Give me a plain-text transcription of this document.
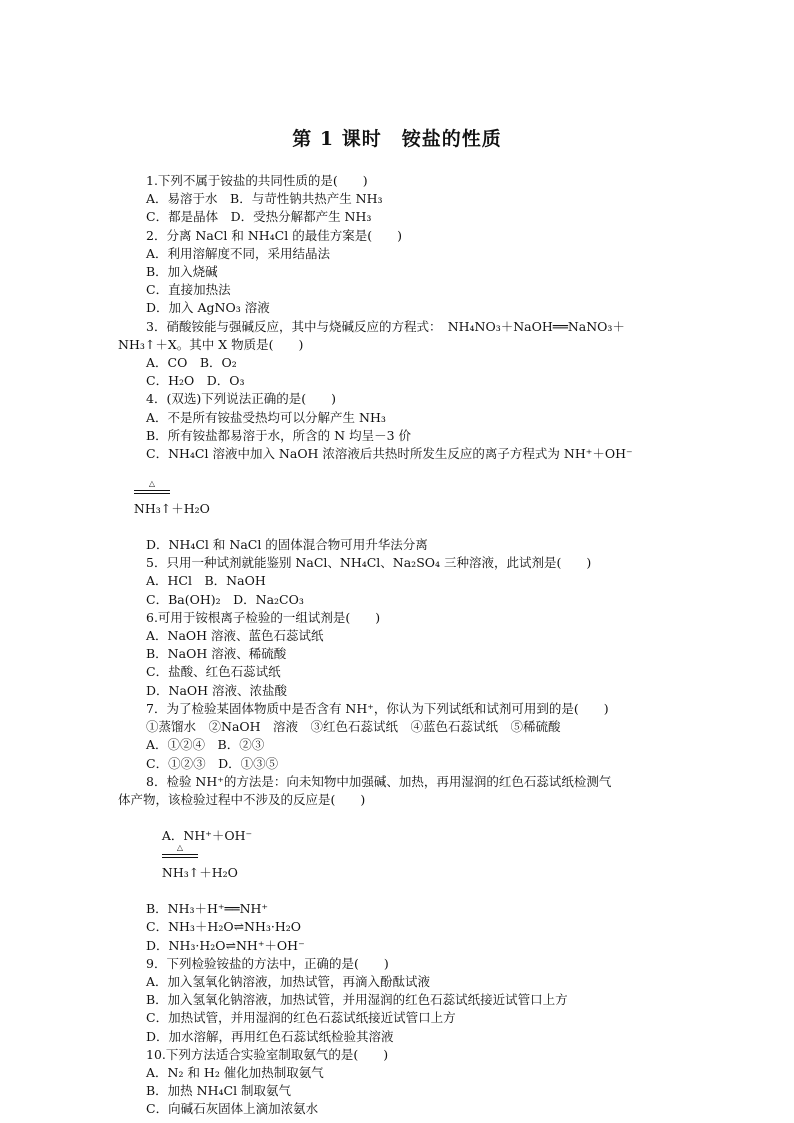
第 1 课时　铵盐的性质
1.下列不属于铵盐的共同性质的是(　　)
A．易溶于水　B．与苛性钠共热产生 NH₃
C．都是晶体　D．受热分解都产生 NH₃
2．分离 NaCl 和 NH₄Cl 的最佳方案是(　　)
A．利用溶解度不同，采用结晶法
B．加入烧碱
C．直接加热法
D．加入 AgNO₃ 溶液
3．硝酸铵能与强碱反应，其中与烧碱反应的方程式：　NH₄NO₃＋NaOH══NaNO₃＋
NH₃↑＋X。其中 X 物质是(　　)
A．CO　B．O₂
C．H₂O　D．O₃
4．(双选)下列说法正确的是(　　)
A．不是所有铵盐受热均可以分解产生 NH₃
B．所有铵盐都易溶于水，所含的 N 均呈－3 价
C．NH₄Cl 溶液中加入 NaOH 浓溶液后共热时所发生反应的离子方程式为 NH⁺＋OH⁻

△

NH₃↑＋H₂O

D．NH₄Cl 和 NaCl 的固体混合物可用升华法分离
5．只用一种试剂就能鉴别 NaCl、NH₄Cl、Na₂SO₄ 三种溶液，此试剂是(　　)
A．HCl　B．NaOH
C．Ba(OH)₂　D．Na₂CO₃
6.可用于铵根离子检验的一组试剂是(　　)
A．NaOH 溶液、蓝色石蕊试纸
B．NaOH 溶液、稀硫酸
C．盐酸、红色石蕊试纸
D．NaOH 溶液、浓盐酸
7．为了检验某固体物质中是否含有 NH⁺，你认为下列试纸和试剂可用到的是(　　)
①蒸馏水　②NaOH　溶液　③红色石蕊试纸　④蓝色石蕊试纸　⑤稀硫酸
A．①②④　B．②③
C．①②③　D．①③⑤
8．检验 NH⁺的方法是：向未知物中加强碱、加热，再用湿润的红色石蕊试纸检测气
体产物，该检验过程中不涉及的反应是(　　)

A．NH⁺＋OH⁻

△

NH₃↑＋H₂O

B．NH₃＋H⁺══NH⁺
C．NH₃＋H₂O⇌NH₃·H₂O
D．NH₃·H₂O⇌NH⁺＋OH⁻
9．下列检验铵盐的方法中，正确的是(　　)
A．加入氢氧化钠溶液，加热试管，再滴入酚酞试液
B．加入氢氧化钠溶液，加热试管，并用湿润的红色石蕊试纸接近试管口上方
C．加热试管，并用湿润的红色石蕊试纸接近试管口上方
D．加水溶解，再用红色石蕊试纸检验其溶液
10.下列方法适合实验室制取氨气的是(　　)
A．N₂ 和 H₂ 催化加热制取氨气
B．加热 NH₄Cl 制取氨气
C．向碱石灰固体上滴加浓氨水
